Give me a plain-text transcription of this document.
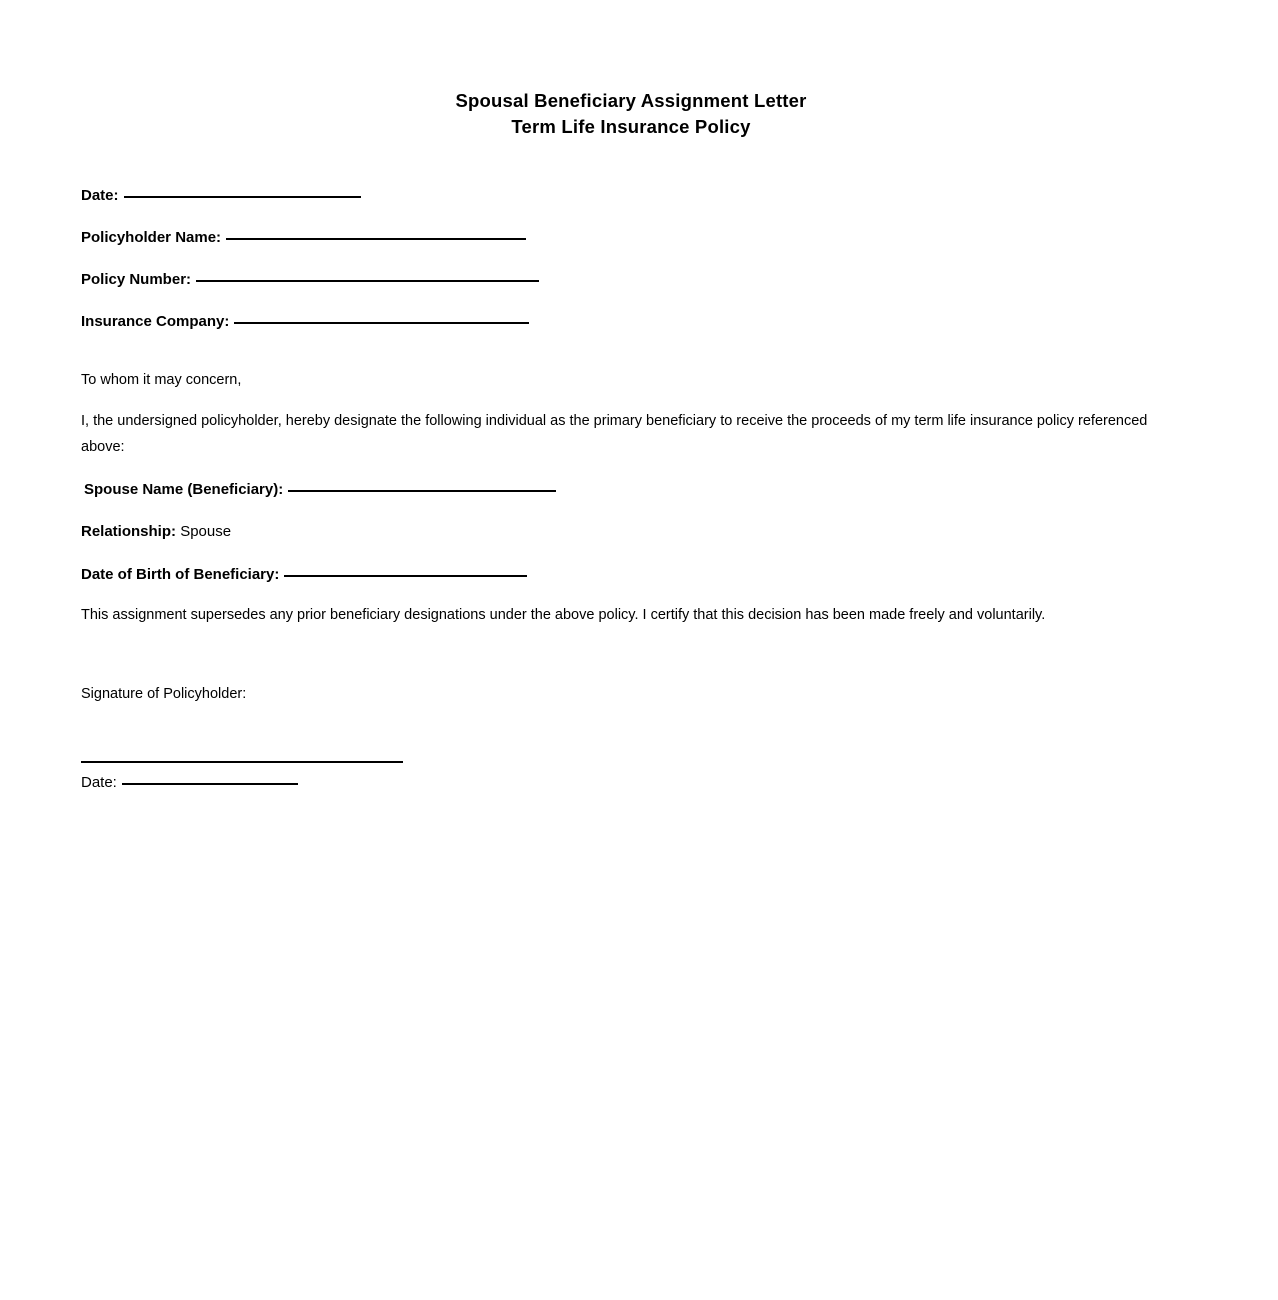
Spousal Beneficiary Assignment Letter
Term Life Insurance Policy
Date:
Policyholder Name:
Policy Number:
Insurance Company:

To whom it may concern,

I, the undersigned policyholder, hereby designate the following individual as the primary beneficiary to receive the proceeds of my term life insurance policy referenced above:

Spouse Name (Beneficiary):
Relationship: Spouse
Date of Birth of Beneficiary:

This assignment supersedes any prior beneficiary designations under the above policy. I certify that this decision has been made freely and voluntarily.

Signature of Policyholder:
Date:
